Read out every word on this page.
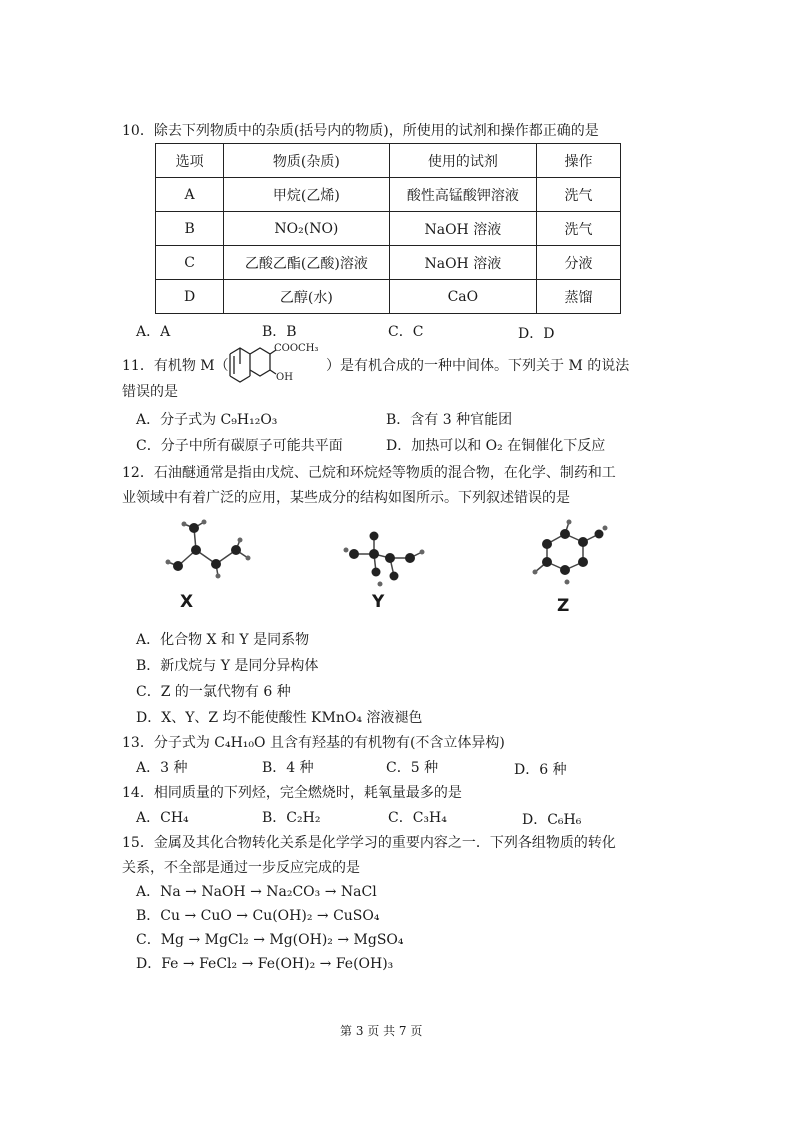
10．除去下列物质中的杂质(括号内的物质)，所使用的试剂和操作都正确的是
选项	物质(杂质)	使用的试剂	操作
A	甲烷(乙烯)	酸性高锰酸钾溶液	洗气
B	NO₂(NO)	NaOH 溶液	洗气
C	乙酸乙酯(乙酸)溶液	NaOH 溶液	分液
D	乙醇(水)	CaO	蒸馏
A．A	B．B	C．C	D．D
11．有机物 M（
COOCH₃
OH
）是有机合成的一种中间体。下列关于 M 的说法
错误的是
A．分子式为 C₉H₁₂O₃	B．含有 3 种官能团
C．分子中所有碳原子可能共平面	D．加热可以和 O₂ 在铜催化下反应
12．石油醚通常是指由戊烷、己烷和环烷烃等物质的混合物，在化学、制药和工
业领域中有着广泛的应用，某些成分的结构如图所示。下列叙述错误的是
X	Y	Z
A．化合物 X 和 Y 是同系物
B．新戊烷与 Y 是同分异构体
C．Z 的一氯代物有 6 种
D．X、Y、Z 均不能使酸性 KMnO₄ 溶液褪色
13．分子式为 C₄H₁₀O 且含有羟基的有机物有(不含立体异构)
A．3 种	B．4 种	C．5 种	D．6 种
14．相同质量的下列烃，完全燃烧时，耗氧量最多的是
A．CH₄	B．C₂H₂	C．C₃H₄	D．C₆H₆
15．金属及其化合物转化关系是化学学习的重要内容之一．下列各组物质的转化
关系，不全部是通过一步反应完成的是
A．Na → NaOH → Na₂CO₃ → NaCl
B．Cu → CuO → Cu(OH)₂ → CuSO₄
C．Mg → MgCl₂ → Mg(OH)₂ → MgSO₄
D．Fe → FeCl₂ → Fe(OH)₂ → Fe(OH)₃
第 3 页 共 7 页
